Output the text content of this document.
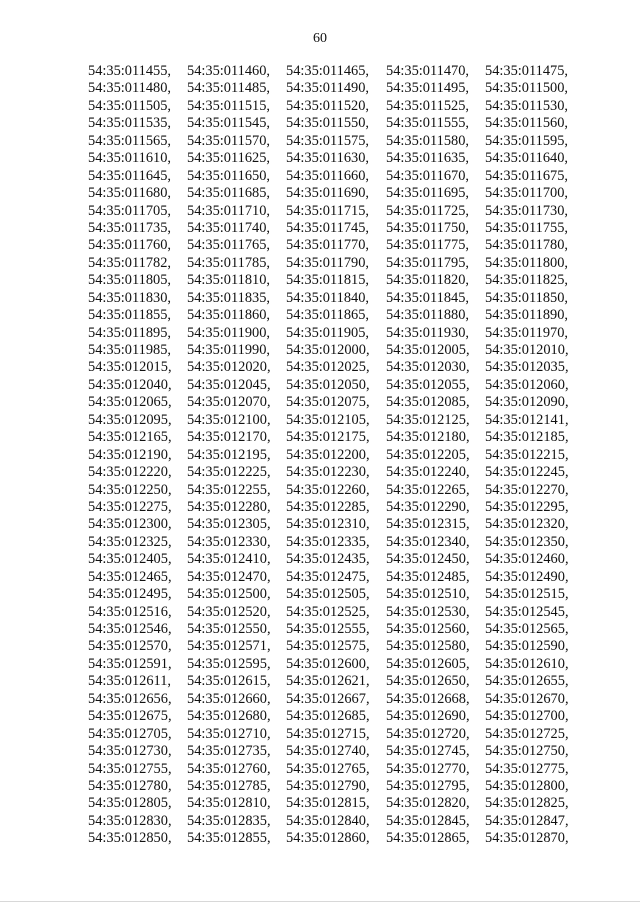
60
54:35:011455,	54:35:011460,	54:35:011465,	54:35:011470,	54:35:011475,
54:35:011480,	54:35:011485,	54:35:011490,	54:35:011495,	54:35:011500,
54:35:011505,	54:35:011515,	54:35:011520,	54:35:011525,	54:35:011530,
54:35:011535,	54:35:011545,	54:35:011550,	54:35:011555,	54:35:011560,
54:35:011565,	54:35:011570,	54:35:011575,	54:35:011580,	54:35:011595,
54:35:011610,	54:35:011625,	54:35:011630,	54:35:011635,	54:35:011640,
54:35:011645,	54:35:011650,	54:35:011660,	54:35:011670,	54:35:011675,
54:35:011680,	54:35:011685,	54:35:011690,	54:35:011695,	54:35:011700,
54:35:011705,	54:35:011710,	54:35:011715,	54:35:011725,	54:35:011730,
54:35:011735,	54:35:011740,	54:35:011745,	54:35:011750,	54:35:011755,
54:35:011760,	54:35:011765,	54:35:011770,	54:35:011775,	54:35:011780,
54:35:011782,	54:35:011785,	54:35:011790,	54:35:011795,	54:35:011800,
54:35:011805,	54:35:011810,	54:35:011815,	54:35:011820,	54:35:011825,
54:35:011830,	54:35:011835,	54:35:011840,	54:35:011845,	54:35:011850,
54:35:011855,	54:35:011860,	54:35:011865,	54:35:011880,	54:35:011890,
54:35:011895,	54:35:011900,	54:35:011905,	54:35:011930,	54:35:011970,
54:35:011985,	54:35:011990,	54:35:012000,	54:35:012005,	54:35:012010,
54:35:012015,	54:35:012020,	54:35:012025,	54:35:012030,	54:35:012035,
54:35:012040,	54:35:012045,	54:35:012050,	54:35:012055,	54:35:012060,
54:35:012065,	54:35:012070,	54:35:012075,	54:35:012085,	54:35:012090,
54:35:012095,	54:35:012100,	54:35:012105,	54:35:012125,	54:35:012141,
54:35:012165,	54:35:012170,	54:35:012175,	54:35:012180,	54:35:012185,
54:35:012190,	54:35:012195,	54:35:012200,	54:35:012205,	54:35:012215,
54:35:012220,	54:35:012225,	54:35:012230,	54:35:012240,	54:35:012245,
54:35:012250,	54:35:012255,	54:35:012260,	54:35:012265,	54:35:012270,
54:35:012275,	54:35:012280,	54:35:012285,	54:35:012290,	54:35:012295,
54:35:012300,	54:35:012305,	54:35:012310,	54:35:012315,	54:35:012320,
54:35:012325,	54:35:012330,	54:35:012335,	54:35:012340,	54:35:012350,
54:35:012405,	54:35:012410,	54:35:012435,	54:35:012450,	54:35:012460,
54:35:012465,	54:35:012470,	54:35:012475,	54:35:012485,	54:35:012490,
54:35:012495,	54:35:012500,	54:35:012505,	54:35:012510,	54:35:012515,
54:35:012516,	54:35:012520,	54:35:012525,	54:35:012530,	54:35:012545,
54:35:012546,	54:35:012550,	54:35:012555,	54:35:012560,	54:35:012565,
54:35:012570,	54:35:012571,	54:35:012575,	54:35:012580,	54:35:012590,
54:35:012591,	54:35:012595,	54:35:012600,	54:35:012605,	54:35:012610,
54:35:012611,	54:35:012615,	54:35:012621,	54:35:012650,	54:35:012655,
54:35:012656,	54:35:012660,	54:35:012667,	54:35:012668,	54:35:012670,
54:35:012675,	54:35:012680,	54:35:012685,	54:35:012690,	54:35:012700,
54:35:012705,	54:35:012710,	54:35:012715,	54:35:012720,	54:35:012725,
54:35:012730,	54:35:012735,	54:35:012740,	54:35:012745,	54:35:012750,
54:35:012755,	54:35:012760,	54:35:012765,	54:35:012770,	54:35:012775,
54:35:012780,	54:35:012785,	54:35:012790,	54:35:012795,	54:35:012800,
54:35:012805,	54:35:012810,	54:35:012815,	54:35:012820,	54:35:012825,
54:35:012830,	54:35:012835,	54:35:012840,	54:35:012845,	54:35:012847,
54:35:012850,	54:35:012855,	54:35:012860,	54:35:012865,	54:35:012870,
